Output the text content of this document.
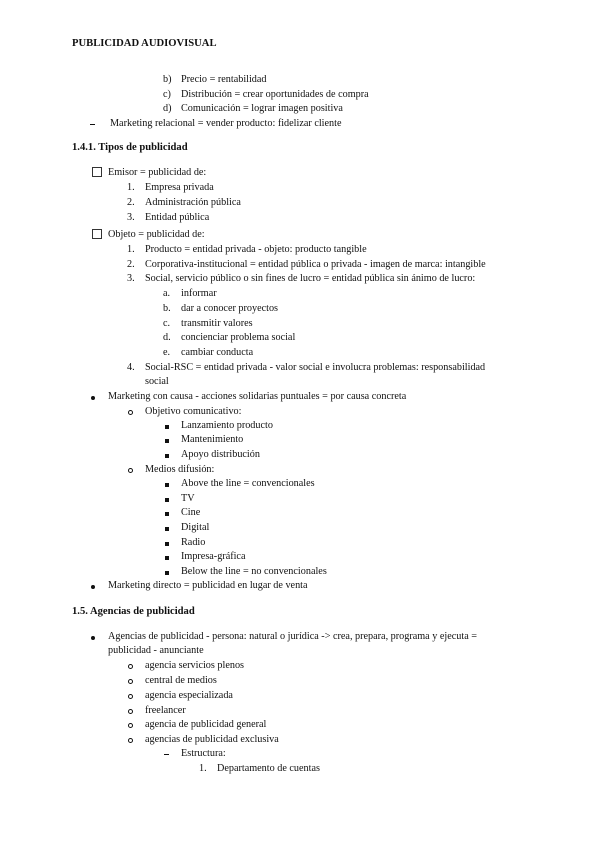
PUBLICIDAD AUDIOVISUAL
b) Precio = rentabilidad
c) Distribución = crear oportunidades de compra
d) Comunicación = lograr imagen positiva
Marketing relacional = vender producto: fidelizar cliente
1.4.1. Tipos de publicidad
Emisor = publicidad de:
1. Empresa privada
2. Administración pública
3. Entidad pública
Objeto = publicidad de:
1. Producto = entidad privada - objeto: producto tangible
2. Corporativa-institucional = entidad pública o privada - imagen de marca: intangible
3. Social, servicio público o sin fines de lucro = entidad pública sin ánimo de lucro:
a. informar
b. dar a conocer proyectos
c. transmitir valores
d. concienciar problema social
e. cambiar conducta
4. Social-RSC = entidad privada - valor social e involucra problemas: responsabilidad
social
Marketing con causa - acciones solidarias puntuales = por causa concreta
Objetivo comunicativo:
Lanzamiento producto
Mantenimiento
Apoyo distribución
Medios difusión:
Above the line = convencionales
TV
Cine
Digital
Radio
Impresa-gráfica
Below the line = no convencionales
Marketing directo = publicidad en lugar de venta
1.5. Agencias de publicidad
Agencias de publicidad - persona: natural o jurídica -> crea, prepara, programa y ejecuta =
publicidad - anunciante
agencia servicios plenos
central de medios
agencia especializada
freelancer
agencia de publicidad general
agencias de publicidad exclusiva
Estructura:
1. Departamento de cuentas
